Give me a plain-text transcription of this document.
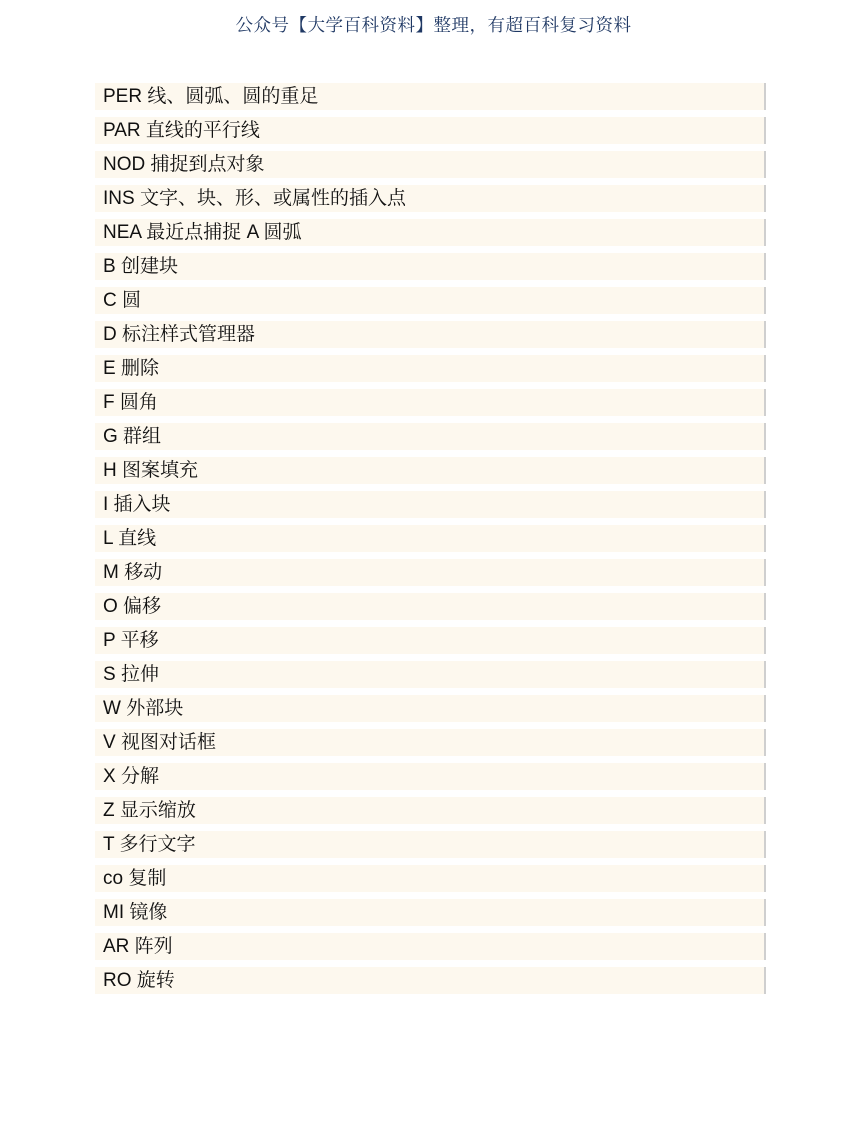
公众号【大学百科资料】整理，有超百科复习资料
PER 线、圆弧、圆的重足
PAR 直线的平行线
NOD 捕捉到点对象
INS 文字、块、形、或属性的插入点
NEA 最近点捕捉 A 圆弧
B 创建块
C 圆
D 标注样式管理器
E 删除
F 圆角
G 群组
H 图案填充
I 插入块
L 直线
M 移动
O 偏移
P 平移
S 拉伸
W 外部块
V 视图对话框
X 分解
Z 显示缩放
T 多行文字
co 复制
MI 镜像
AR 阵列
RO 旋转
